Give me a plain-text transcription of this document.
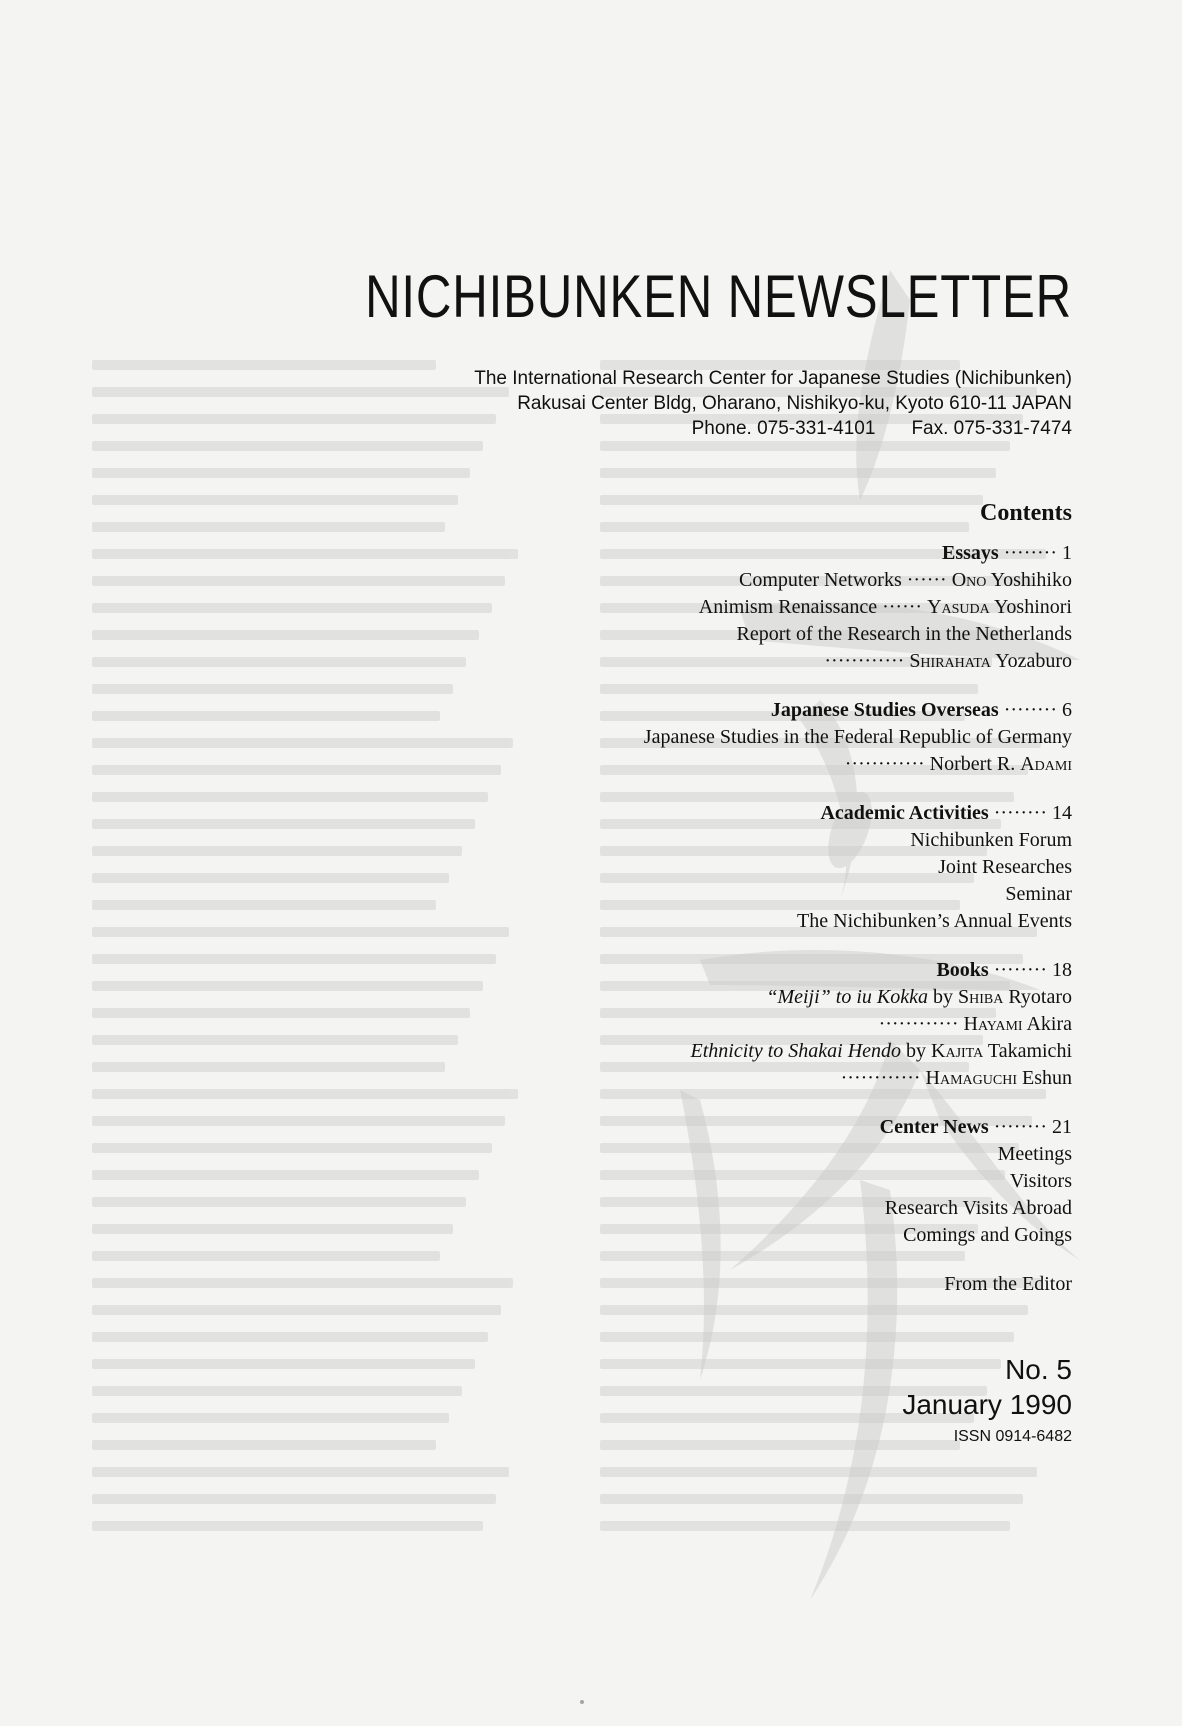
NICHIBUNKEN NEWSLETTER
The International Research Center for Japanese Studies (Nichibunken)
Rakusai Center Bldg, Oharano, Nishikyo-ku, Kyoto 610-11 JAPAN
Phone. 075-331-4101 Fax. 075-331-7474
Contents
Essays ········ 1
Computer Networks ······ Ono Yoshihiko
Animism Renaissance ······ Yasuda Yoshinori
Report of the Research in the Netherlands
············ Shirahata Yozaburo
Japanese Studies Overseas ········ 6
Japanese Studies in the Federal Republic of Germany
············ Norbert R. Adami
Academic Activities ········ 14
Nichibunken Forum
Joint Researches
Seminar
The Nichibunken’s Annual Events
Books ········ 18
“Meiji” to iu Kokka by Shiba Ryotaro
············ Hayami Akira
Ethnicity to Shakai Hendo by Kajita Takamichi
············ Hamaguchi Eshun
Center News ········ 21
Meetings
Visitors
Research Visits Abroad
Comings and Goings
From the Editor
No. 5
January 1990
ISSN 0914-6482
